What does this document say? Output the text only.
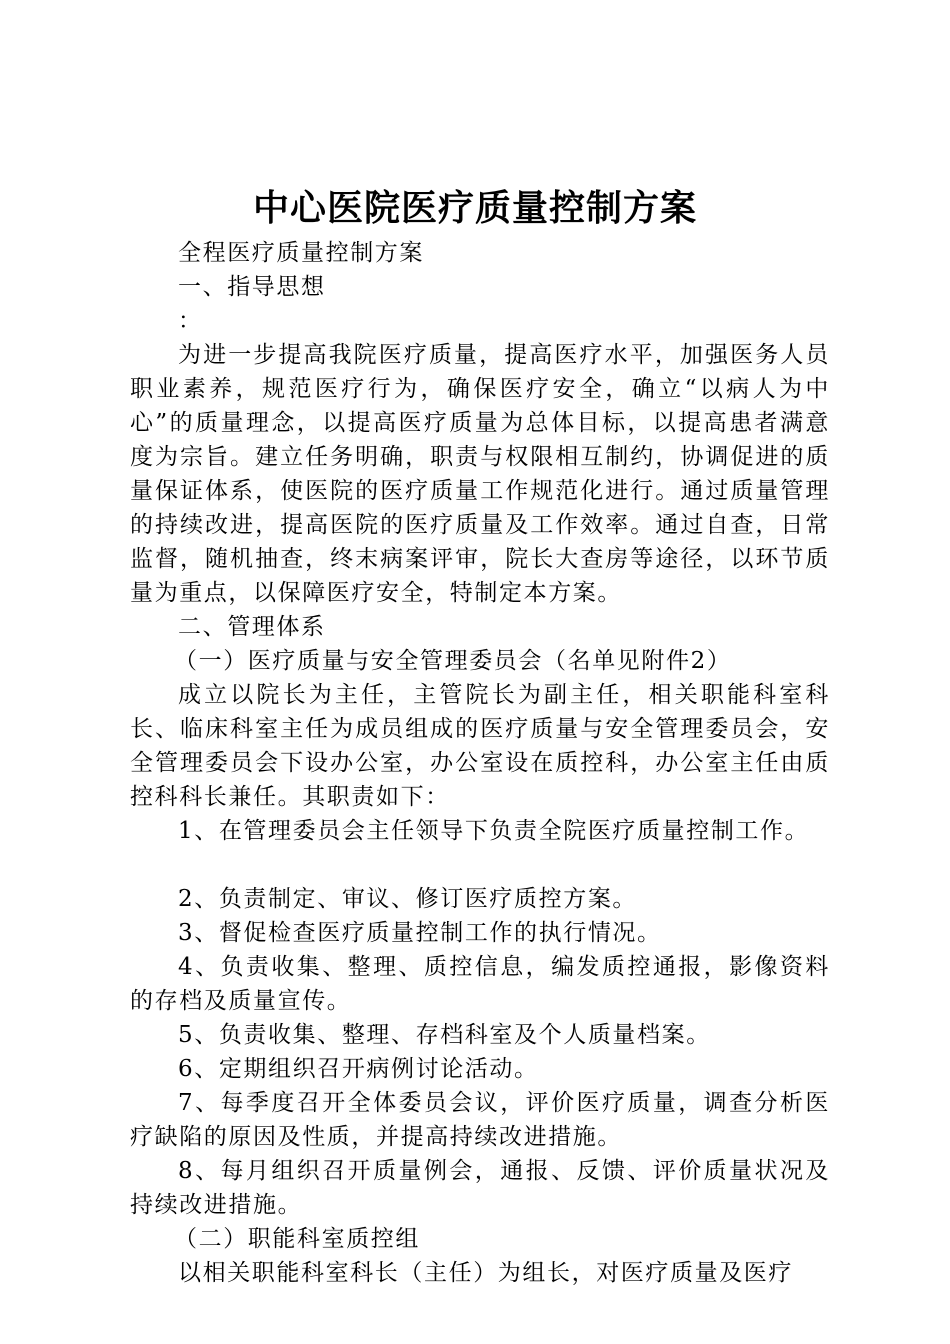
中心医院医疗质量控制方案

全程医疗质量控制方案

一、指导思想

：

为进一步提高我院医疗质量，提高医疗水平，加强医务人员职业素养，规范医疗行为，确保医疗安全，确立“以病人为中心”的质量理念，以提高医疗质量为总体目标，以提高患者满意度为宗旨。建立任务明确，职责与权限相互制约，协调促进的质量保证体系，使医院的医疗质量工作规范化进行。通过质量管理的持续改进，提高医院的医疗质量及工作效率。通过自查，日常监督，随机抽查，终末病案评审，院长大查房等途径，以环节质量为重点，以保障医疗安全，特制定本方案。

二、管理体系

（一）医疗质量与安全管理委员会（名单见附件2）

成立以院长为主任，主管院长为副主任，相关职能科室科长、临床科室主任为成员组成的医疗质量与安全管理委员会，安全管理委员会下设办公室，办公室设在质控科，办公室主任由质控科科长兼任。其职责如下：

1、在管理委员会主任领导下负责全院医疗质量控制工作。

2、负责制定、审议、修订医疗质控方案。

3、督促检查医疗质量控制工作的执行情况。

4、负责收集、整理、质控信息，编发质控通报，影像资料的存档及质量宣传。

5、负责收集、整理、存档科室及个人质量档案。

6、定期组织召开病例讨论活动。

7、每季度召开全体委员会议，评价医疗质量，调查分析医疗缺陷的原因及性质，并提高持续改进措施。

8、每月组织召开质量例会，通报、反馈、评价质量状况及持续改进措施。

（二）职能科室质控组

以相关职能科室科长（主任）为组长，对医疗质量及医疗
